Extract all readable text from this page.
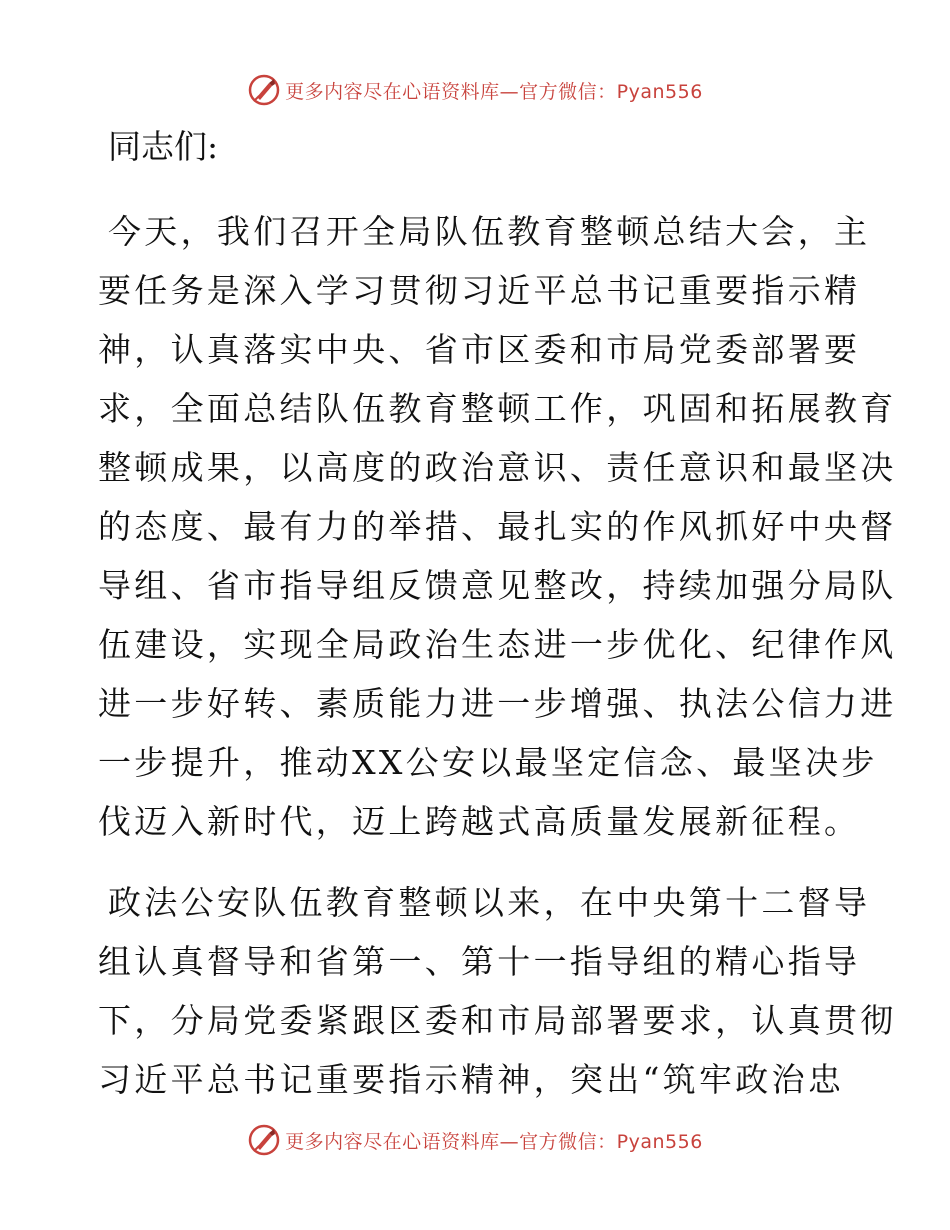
更多内容尽在心语资料库—官方微信：Pyan556

同志们:

今天，我们召开全局队伍教育整顿总结大会，主
要任务是深入学习贯彻习近平总书记重要指示精
神，认真落实中央、省市区委和市局党委部署要
求，全面总结队伍教育整顿工作，巩固和拓展教育
整顿成果，以高度的政治意识、责任意识和最坚决
的态度、最有力的举措、最扎实的作风抓好中央督
导组、省市指导组反馈意见整改，持续加强分局队
伍建设，实现全局政治生态进一步优化、纪律作风
进一步好转、素质能力进一步增强、执法公信力进
一步提升，推动XX公安以最坚定信念、最坚决步
伐迈入新时代，迈上跨越式高质量发展新征程。
政法公安队伍教育整顿以来，在中央第十二督导
组认真督导和省第一、第十一指导组的精心指导
下，分局党委紧跟区委和市局部署要求，认真贯彻
习近平总书记重要指示精神，突出“筑牢政治忠
更多内容尽在心语资料库—官方微信：Pyan556
